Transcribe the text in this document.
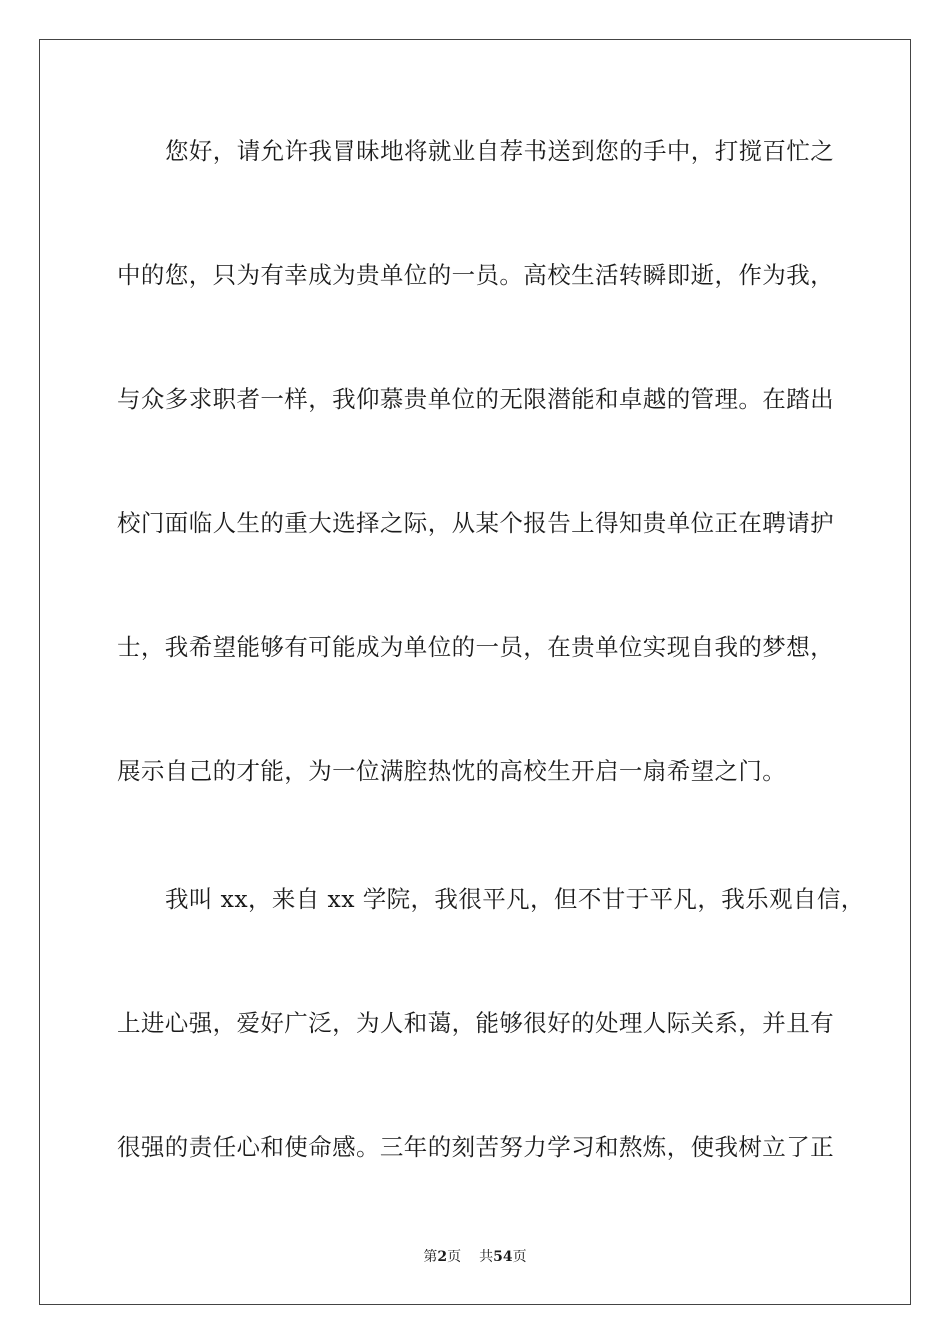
您好，请允许我冒昧地将就业自荐书送到您的手中，打搅百忙之
中的您，只为有幸成为贵单位的一员。高校生活转瞬即逝，作为我，
与众多求职者一样，我仰慕贵单位的无限潜能和卓越的管理。在踏出
校门面临人生的重大选择之际，从某个报告上得知贵单位正在聘请护
士，我希望能够有可能成为单位的一员，在贵单位实现自我的梦想，
展示自己的才能，为一位满腔热忱的高校生开启一扇希望之门。
我叫 xx，来自 xx 学院，我很平凡，但不甘于平凡，我乐观自信，
上进心强，爱好广泛，为人和蔼，能够很好的处理人际关系，并且有
很强的责任心和使命感。三年的刻苦努力学习和熬炼，使我树立了正
第2页 共54页
